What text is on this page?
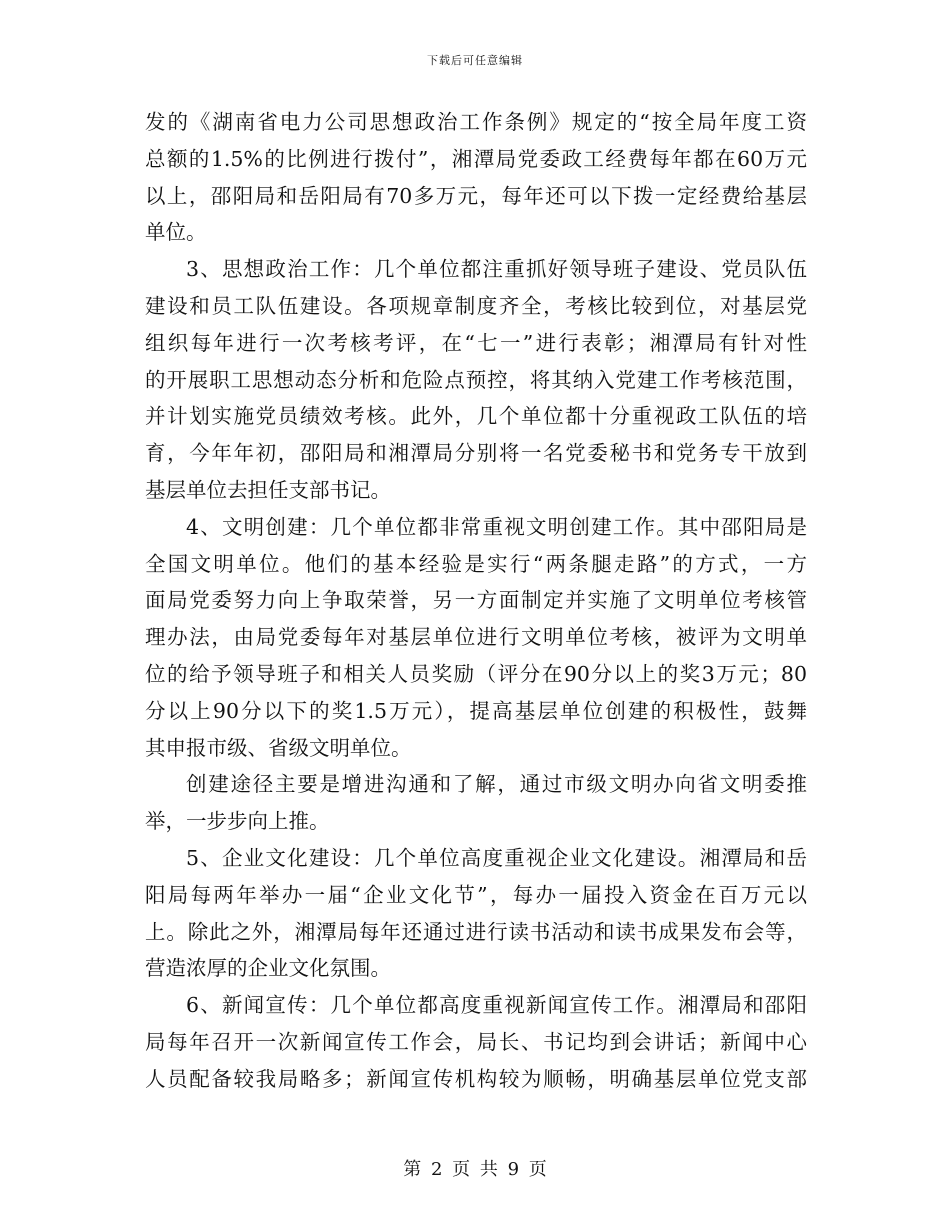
下载后可任意编辑
发的《湖南省电力公司思想政治工作条例》规定的“按全局年度工资
总额的1.5%的比例进行拨付”，湘潭局党委政工经费每年都在60万元
以上，邵阳局和岳阳局有70多万元，每年还可以下拨一定经费给基层
单位。
3、思想政治工作：几个单位都注重抓好领导班子建设、党员队伍
建设和员工队伍建设。各项规章制度齐全，考核比较到位，对基层党
组织每年进行一次考核考评，在“七一”进行表彰；湘潭局有针对性
的开展职工思想动态分析和危险点预控，将其纳入党建工作考核范围，
并计划实施党员绩效考核。此外，几个单位都十分重视政工队伍的培
育，今年年初，邵阳局和湘潭局分别将一名党委秘书和党务专干放到
基层单位去担任支部书记。
4、文明创建：几个单位都非常重视文明创建工作。其中邵阳局是
全国文明单位。他们的基本经验是实行“两条腿走路”的方式，一方
面局党委努力向上争取荣誉，另一方面制定并实施了文明单位考核管
理办法，由局党委每年对基层单位进行文明单位考核，被评为文明单
位的给予领导班子和相关人员奖励（评分在90分以上的奖3万元；80
分以上90分以下的奖1.5万元），提高基层单位创建的积极性，鼓舞
其申报市级、省级文明单位。
创建途径主要是增进沟通和了解，通过市级文明办向省文明委推
举，一步步向上推。
5、企业文化建设：几个单位高度重视企业文化建设。湘潭局和岳
阳局每两年举办一届“企业文化节”，每办一届投入资金在百万元以
上。除此之外，湘潭局每年还通过进行读书活动和读书成果发布会等，
营造浓厚的企业文化氛围。
6、新闻宣传：几个单位都高度重视新闻宣传工作。湘潭局和邵阳
局每年召开一次新闻宣传工作会，局长、书记均到会讲话；新闻中心
人员配备较我局略多；新闻宣传机构较为顺畅，明确基层单位党支部
第 2 页 共 9 页
